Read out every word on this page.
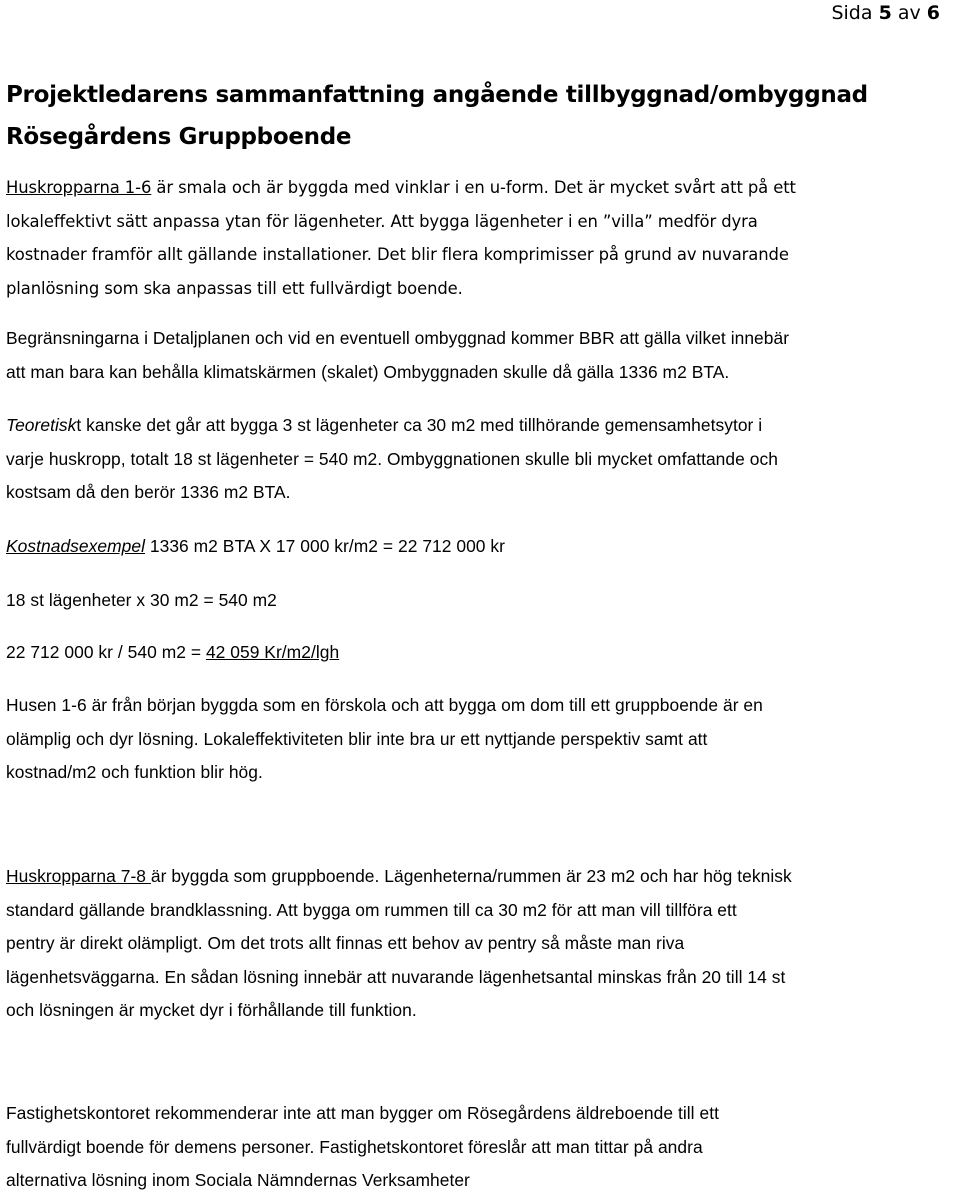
Sida 5 av 6
Projektledarens sammanfattning angående tillbyggnad/ombyggnad
Rösegårdens Gruppboende
Huskropparna 1-6 är smala och är byggda med vinklar i en u-form. Det är mycket svårt att på ett
lokaleffektivt sätt anpassa ytan för lägenheter. Att bygga lägenheter i en ”villa” medför dyra
kostnader framför allt gällande installationer. Det blir flera komprimisser på grund av nuvarande
planlösning som ska anpassas till ett fullvärdigt boende.
Begränsningarna i Detaljplanen och vid en eventuell ombyggnad kommer BBR att gälla vilket innebär
att man bara kan behålla klimatskärmen (skalet) Ombyggnaden skulle då gälla 1336 m2 BTA.
Teoretiskt kanske det går att bygga 3 st lägenheter ca 30 m2 med tillhörande gemensamhetsytor i
varje huskropp, totalt 18 st lägenheter = 540 m2. Ombyggnationen skulle bli mycket omfattande och
kostsam då den berör 1336 m2 BTA.
Kostnadsexempel 1336 m2 BTA X 17 000 kr/m2 = 22 712 000 kr
18 st lägenheter x 30 m2 = 540 m2
22 712 000 kr / 540 m2 = 42 059 Kr/m2/lgh
Husen 1-6 är från början byggda som en förskola och att bygga om dom till ett gruppboende är en
olämplig och dyr lösning. Lokaleffektiviteten blir inte bra ur ett nyttjande perspektiv samt att
kostnad/m2 och funktion blir hög.
Huskropparna 7-8 är byggda som gruppboende. Lägenheterna/rummen är 23 m2 och har hög teknisk
standard gällande brandklassning. Att bygga om rummen till ca 30 m2 för att man vill tillföra ett
pentry är direkt olämpligt. Om det trots allt finnas ett behov av pentry så måste man riva
lägenhetsväggarna. En sådan lösning innebär att nuvarande lägenhetsantal minskas från 20 till 14 st
och lösningen är mycket dyr i förhållande till funktion.
Fastighetskontoret rekommenderar inte att man bygger om Rösegårdens äldreboende till ett
fullvärdigt boende för demens personer. Fastighetskontoret föreslår att man tittar på andra
alternativa lösning inom Sociala Nämndernas Verksamheter
